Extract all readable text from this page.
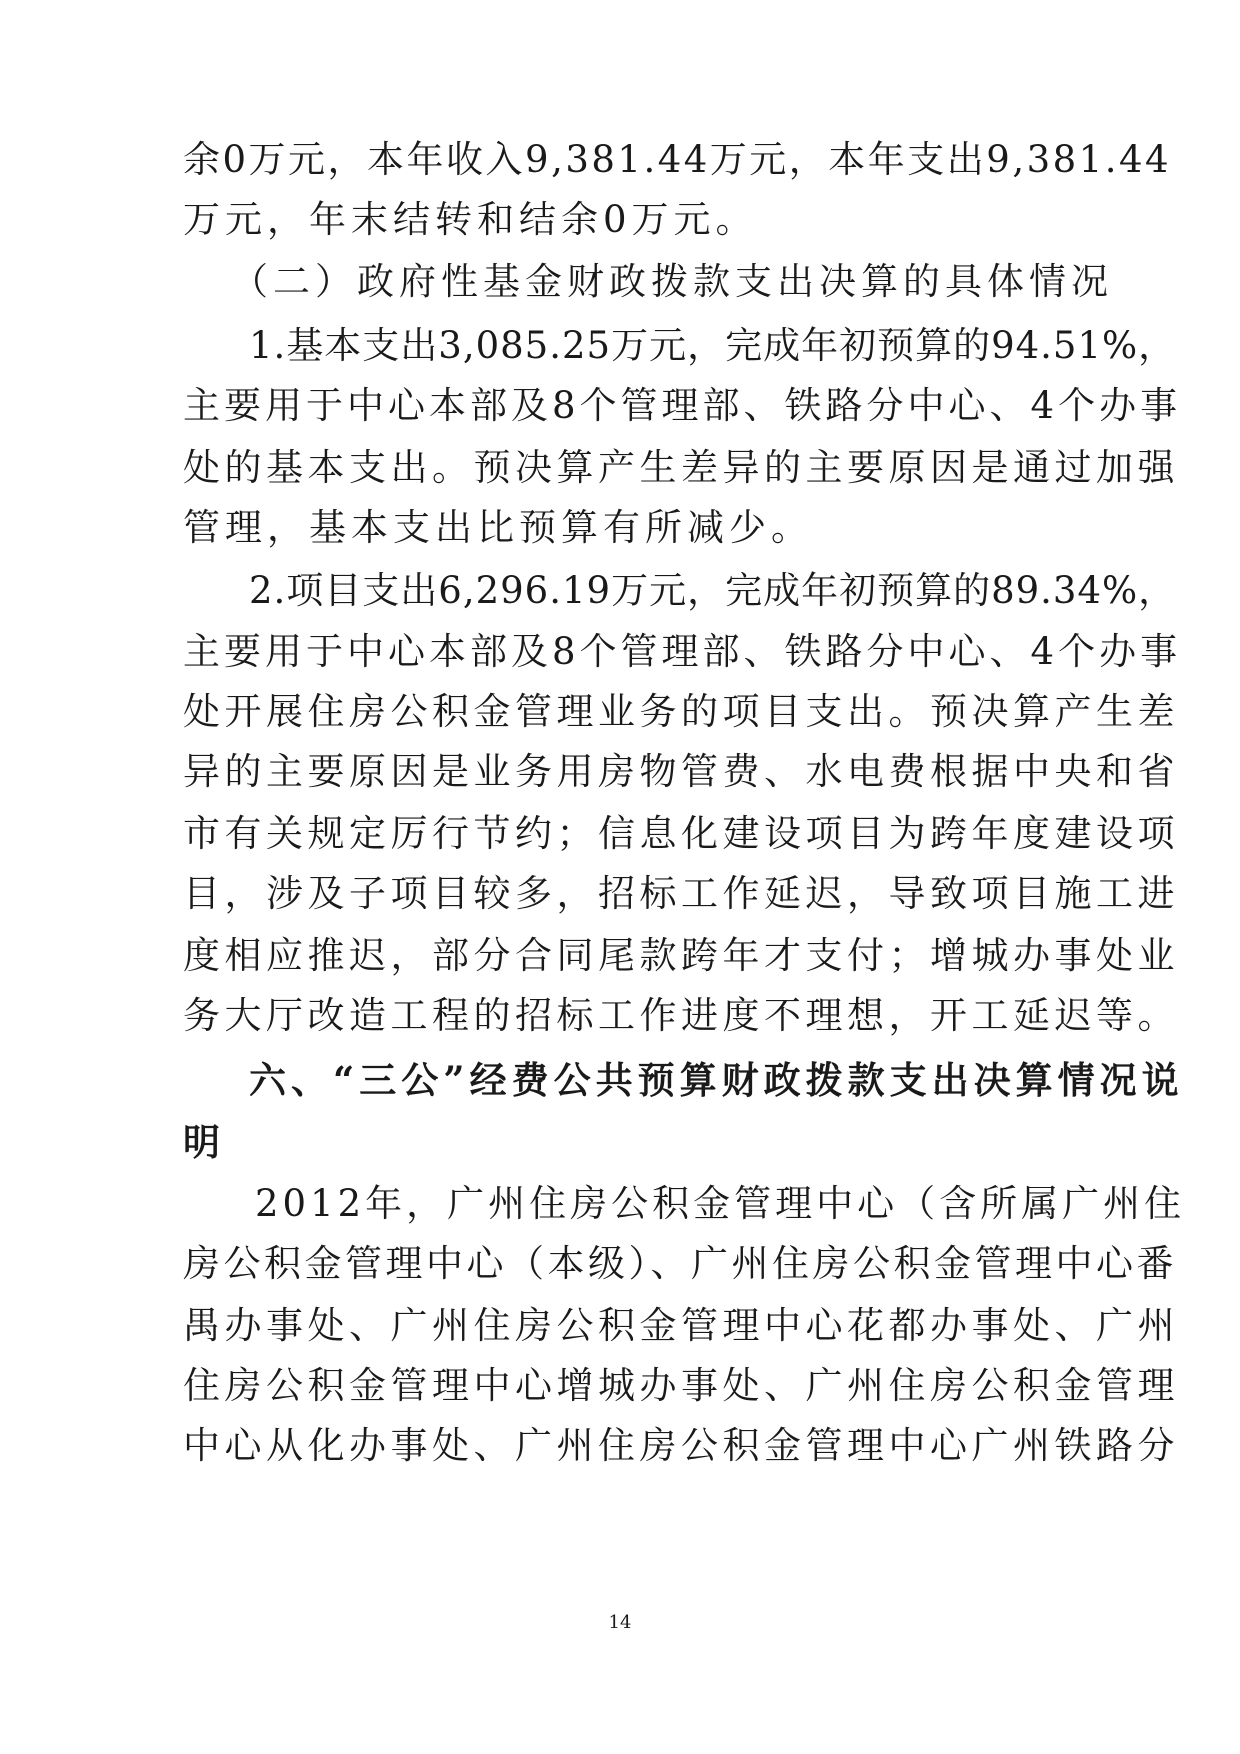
余0万元，本年收入9,381.44万元，本年支出9,381.44
万元，年末结转和结余0万元。
（二）政府性基金财政拨款支出决算的具体情况
1.基本支出3,085.25万元，完成年初预算的94.51%，
主要用于中心本部及8个管理部、铁路分中心、4个办事
处的基本支出。预决算产生差异的主要原因是通过加强
管理，基本支出比预算有所减少。
2.项目支出6,296.19万元，完成年初预算的89.34%，
主要用于中心本部及8个管理部、铁路分中心、4个办事
处开展住房公积金管理业务的项目支出。预决算产生差
异的主要原因是业务用房物管费、水电费根据中央和省
市有关规定厉行节约；信息化建设项目为跨年度建设项
目，涉及子项目较多，招标工作延迟，导致项目施工进
度相应推迟，部分合同尾款跨年才支付；增城办事处业
务大厅改造工程的招标工作进度不理想，开工延迟等。
六、“三公”经费公共预算财政拨款支出决算情况说
明
2012年，广州住房公积金管理中心（含所属广州住
房公积金管理中心（本级）、广州住房公积金管理中心番
禺办事处、广州住房公积金管理中心花都办事处、广州
住房公积金管理中心增城办事处、广州住房公积金管理
中心从化办事处、广州住房公积金管理中心广州铁路分
14
